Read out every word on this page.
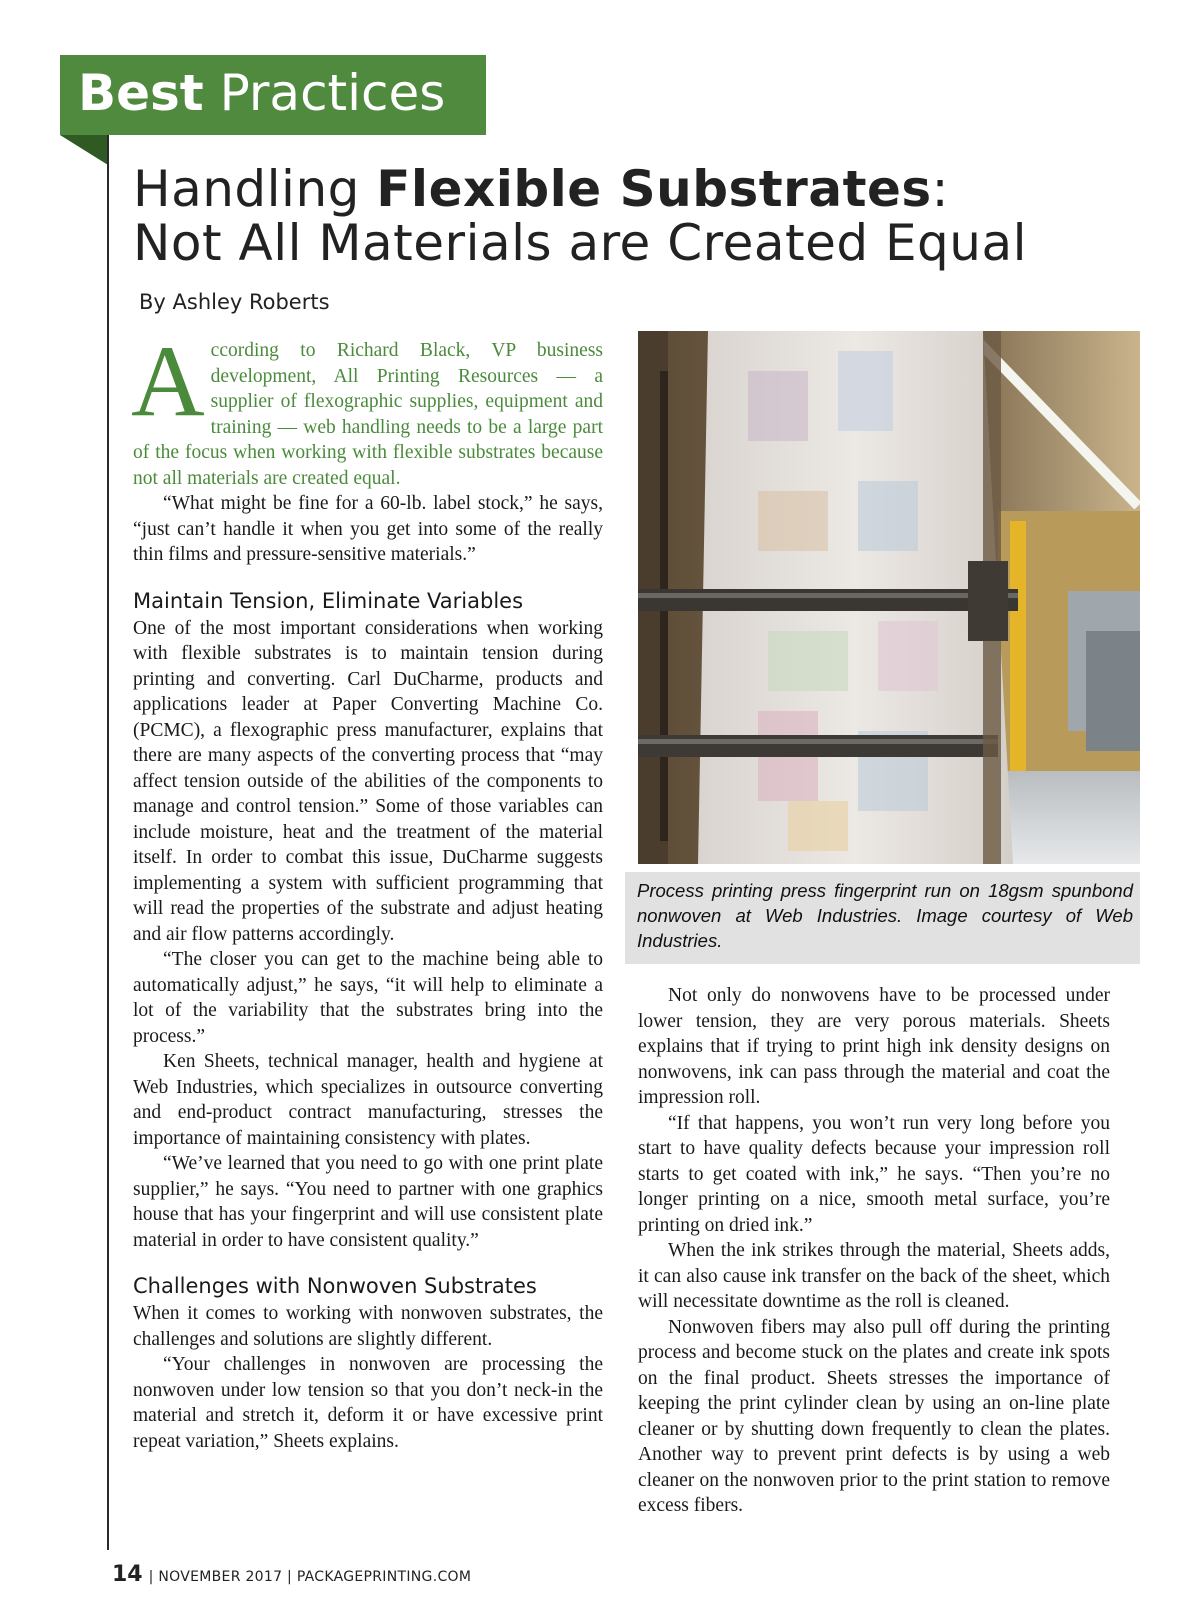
Best Practices
Handling Flexible Substrates:
Not All Materials are Created Equal
By Ashley Roberts

According to Richard Black, VP business development, All Printing Resources — a supplier of flexographic supplies, equipment and training — web handling needs to be a large part of the focus when working with flexible substrates because not all materials are created equal.

“What might be fine for a 60-lb. label stock,” he says, “just can’t handle it when you get into some of the really thin films and pressure-sensitive materials.”

Maintain Tension, Eliminate Variables

One of the most important considerations when working with flexible substrates is to maintain tension during printing and converting. Carl DuCharme, products and applications leader at Paper Converting Machine Co. (PCMC), a flexographic press manufacturer, explains that there are many aspects of the converting process that “may affect tension outside of the abilities of the components to manage and control tension.” Some of those variables can include moisture, heat and the treatment of the material itself. In order to combat this issue, DuCharme suggests implementing a system with sufficient programming that will read the properties of the substrate and adjust heating and air flow patterns accordingly.

“The closer you can get to the machine being able to automatically adjust,” he says, “it will help to eliminate a lot of the variability that the substrates bring into the process.”

Ken Sheets, technical manager, health and hygiene at Web Industries, which specializes in outsource converting and end-product contract manufacturing, stresses the importance of maintaining consistency with plates.

“We’ve learned that you need to go with one print plate supplier,” he says. “You need to partner with one graphics house that has your fingerprint and will use consistent plate material in order to have consistent quality.”

Challenges with Nonwoven Substrates

When it comes to working with nonwoven substrates, the challenges and solutions are slightly different.

“Your challenges in nonwoven are processing the nonwoven under low tension so that you don’t neck-in the material and stretch it, deform it or have excessive print repeat variation,” Sheets explains.

Process printing press fingerprint run on 18gsm spunbond nonwoven at Web Industries. Image courtesy of Web Industries.

Not only do nonwovens have to be processed under lower tension, they are very porous materials. Sheets explains that if trying to print high ink density designs on nonwovens, ink can pass through the material and coat the impression roll.

“If that happens, you won’t run very long before you start to have quality defects because your impression roll starts to get coated with ink,” he says. “Then you’re no longer printing on a nice, smooth metal surface, you’re printing on dried ink.”

When the ink strikes through the material, Sheets adds, it can also cause ink transfer on the back of the sheet, which will necessitate downtime as the roll is cleaned.

Nonwoven fibers may also pull off during the printing process and become stuck on the plates and create ink spots on the final product. Sheets stresses the importance of keeping the print cylinder clean by using an on-line plate cleaner or by shutting down frequently to clean the plates. Another way to prevent print defects is by using a web cleaner on the nonwoven prior to the print station to remove excess fibers.

14 | NOVEMBER 2017 | PACKAGEPRINTING.COM
